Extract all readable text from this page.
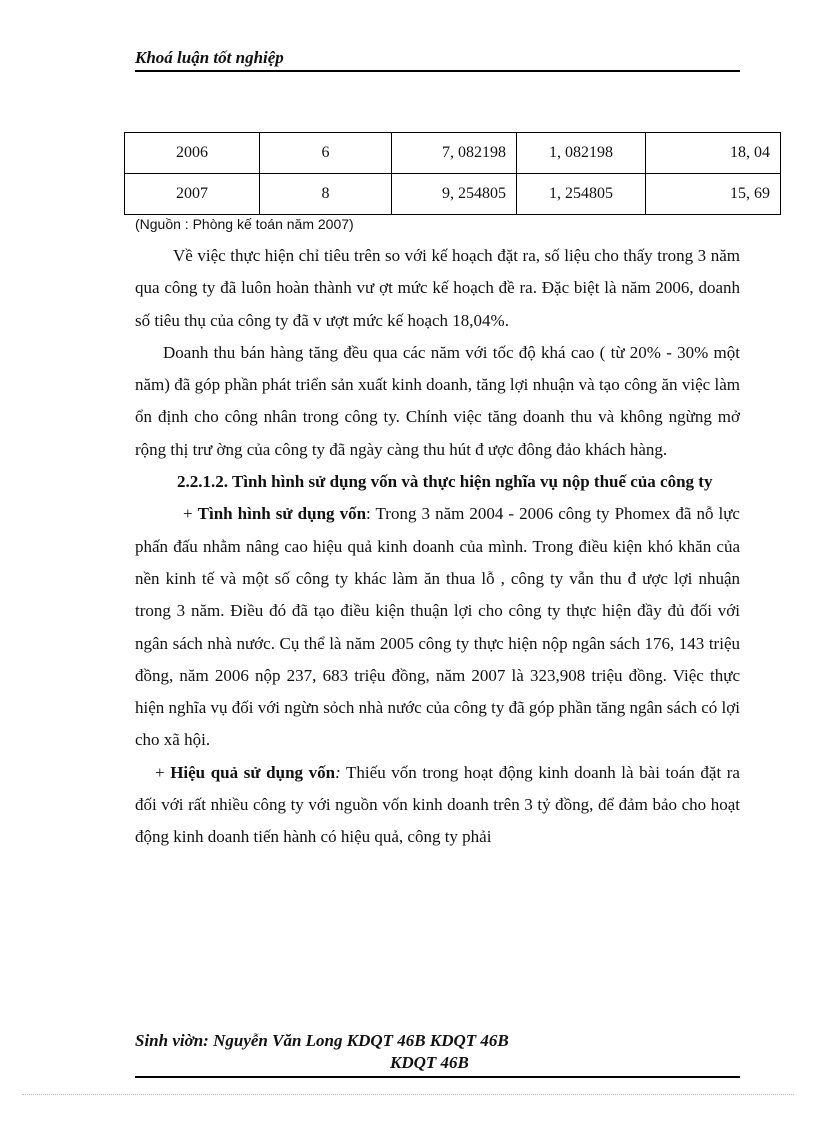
Khoá luận tốt nghiệp
2006	6	7, 082198	1, 082198	18, 04
2007	8	9, 254805	1, 254805	15, 69
(Nguồn : Phòng kế toán năm 2007)

Về việc thực hiện chỉ tiêu trên so với kế hoạch đặt ra, số liệu cho thấy trong 3 năm qua công ty đã luôn hoàn thành vư ợt mức kế hoạch đề ra. Đặc biệt là năm 2006, doanh số tiêu thụ của công ty đã v ượt mức kế hoạch 18,04%.

Doanh thu bán hàng tăng đều qua các năm với tốc độ khá cao ( từ 20% - 30% một năm) đã góp phần phát triển sản xuất kinh doanh, tăng lợi nhuận và tạo công ăn việc làm ổn định cho công nhân trong công ty. Chính việc tăng doanh thu và không ngừng mở rộng thị trư ờng của công ty đã ngày càng thu hút đ ược đông đảo khách hàng.

2.2.1.2. Tình hình sử dụng vốn và thực hiện nghĩa vụ nộp thuế của công ty

+ Tình hình sử dụng vốn: Trong 3 năm 2004 - 2006 công ty Phomex đã nỗ lực phấn đấu nhằm nâng cao hiệu quả kinh doanh của mình. Trong điều kiện khó khăn của nền kinh tế và một số công ty khác làm ăn thua lỗ , công ty vẫn thu đ ược lợi nhuận trong 3 năm. Điều đó đã tạo điều kiện thuận lợi cho công ty thực hiện đầy đủ đối với ngân sách nhà nước. Cụ thể là năm 2005 công ty thực hiện nộp ngân sách 176, 143 triệu đồng, năm 2006 nộp 237, 683 triệu đồng, năm 2007 là 323,908 triệu đồng. Việc thực hiện nghĩa vụ đối với ngừn sỏch nhà nước của công ty đã góp phần tăng ngân sách có lợi cho xã hội.

+ Hiệu quả sử dụng vốn: Thiếu vốn trong hoạt động kinh doanh là bài toán đặt ra đối với rất nhiều công ty với nguồn vốn kinh doanh trên 3 tỷ đồng, để đảm bảo cho hoạt động kinh doanh tiến hành có hiệu quả, công ty phải

Sinh viờn: Nguyễn Văn Long KDQT 46B KDQT 46B
KDQT 46B
